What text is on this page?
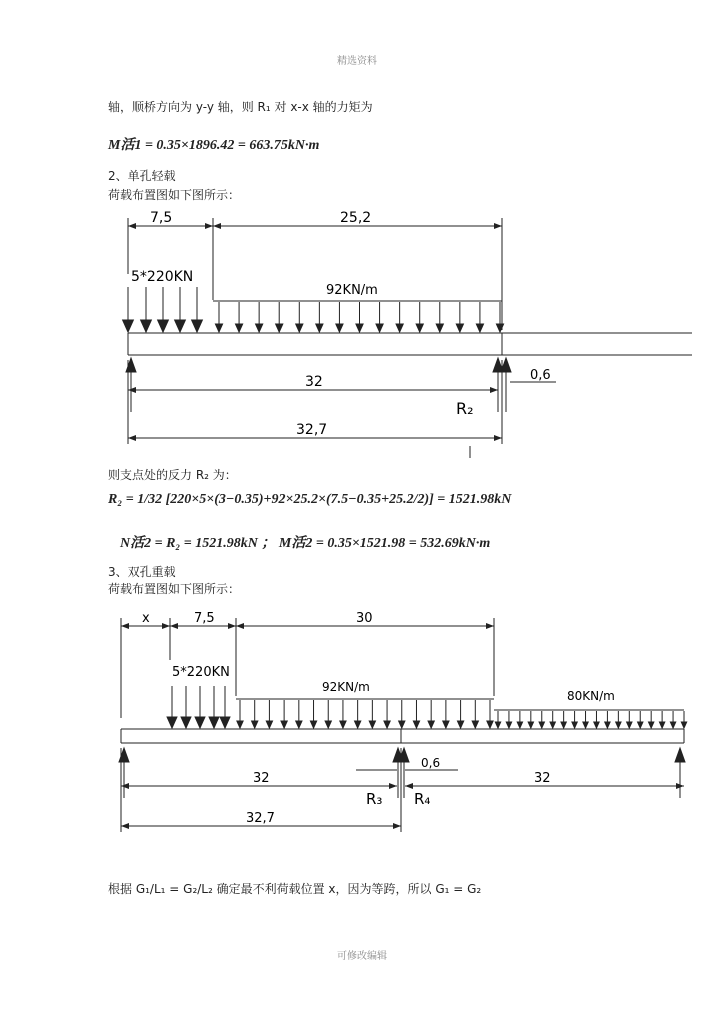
精选资料
轴，顺桥方向为 y-y 轴，则 R₁ 对 x-x 轴的力矩为
M活1 = 0.35×1896.42 = 663.75kN·m
2、单孔轻载
荷载布置图如下图所示：
7,5	25,2
5*220KN
92KN/m
0,6
32
R₂
32,7
则支点处的反力 R₂ 为：
R₂ = 1/32 [220×5×(3−0.35)+92×25.2×(7.5−0.35+25.2/2)] = 1521.98kN
N活2 = R₂ = 1521.98kN ； M活2 = 0.35×1521.98 = 532.69kN·m
3、双孔重载
荷载布置图如下图所示：
x	7,5	30
5*220KN
92KN/m
80KN/m
0,6
32	32
R₃ R₄
32,7
根据 G₁/L₁ = G₂/L₂ 确定最不利荷载位置 x，因为等跨，所以 G₁ = G₂
可修改编辑
